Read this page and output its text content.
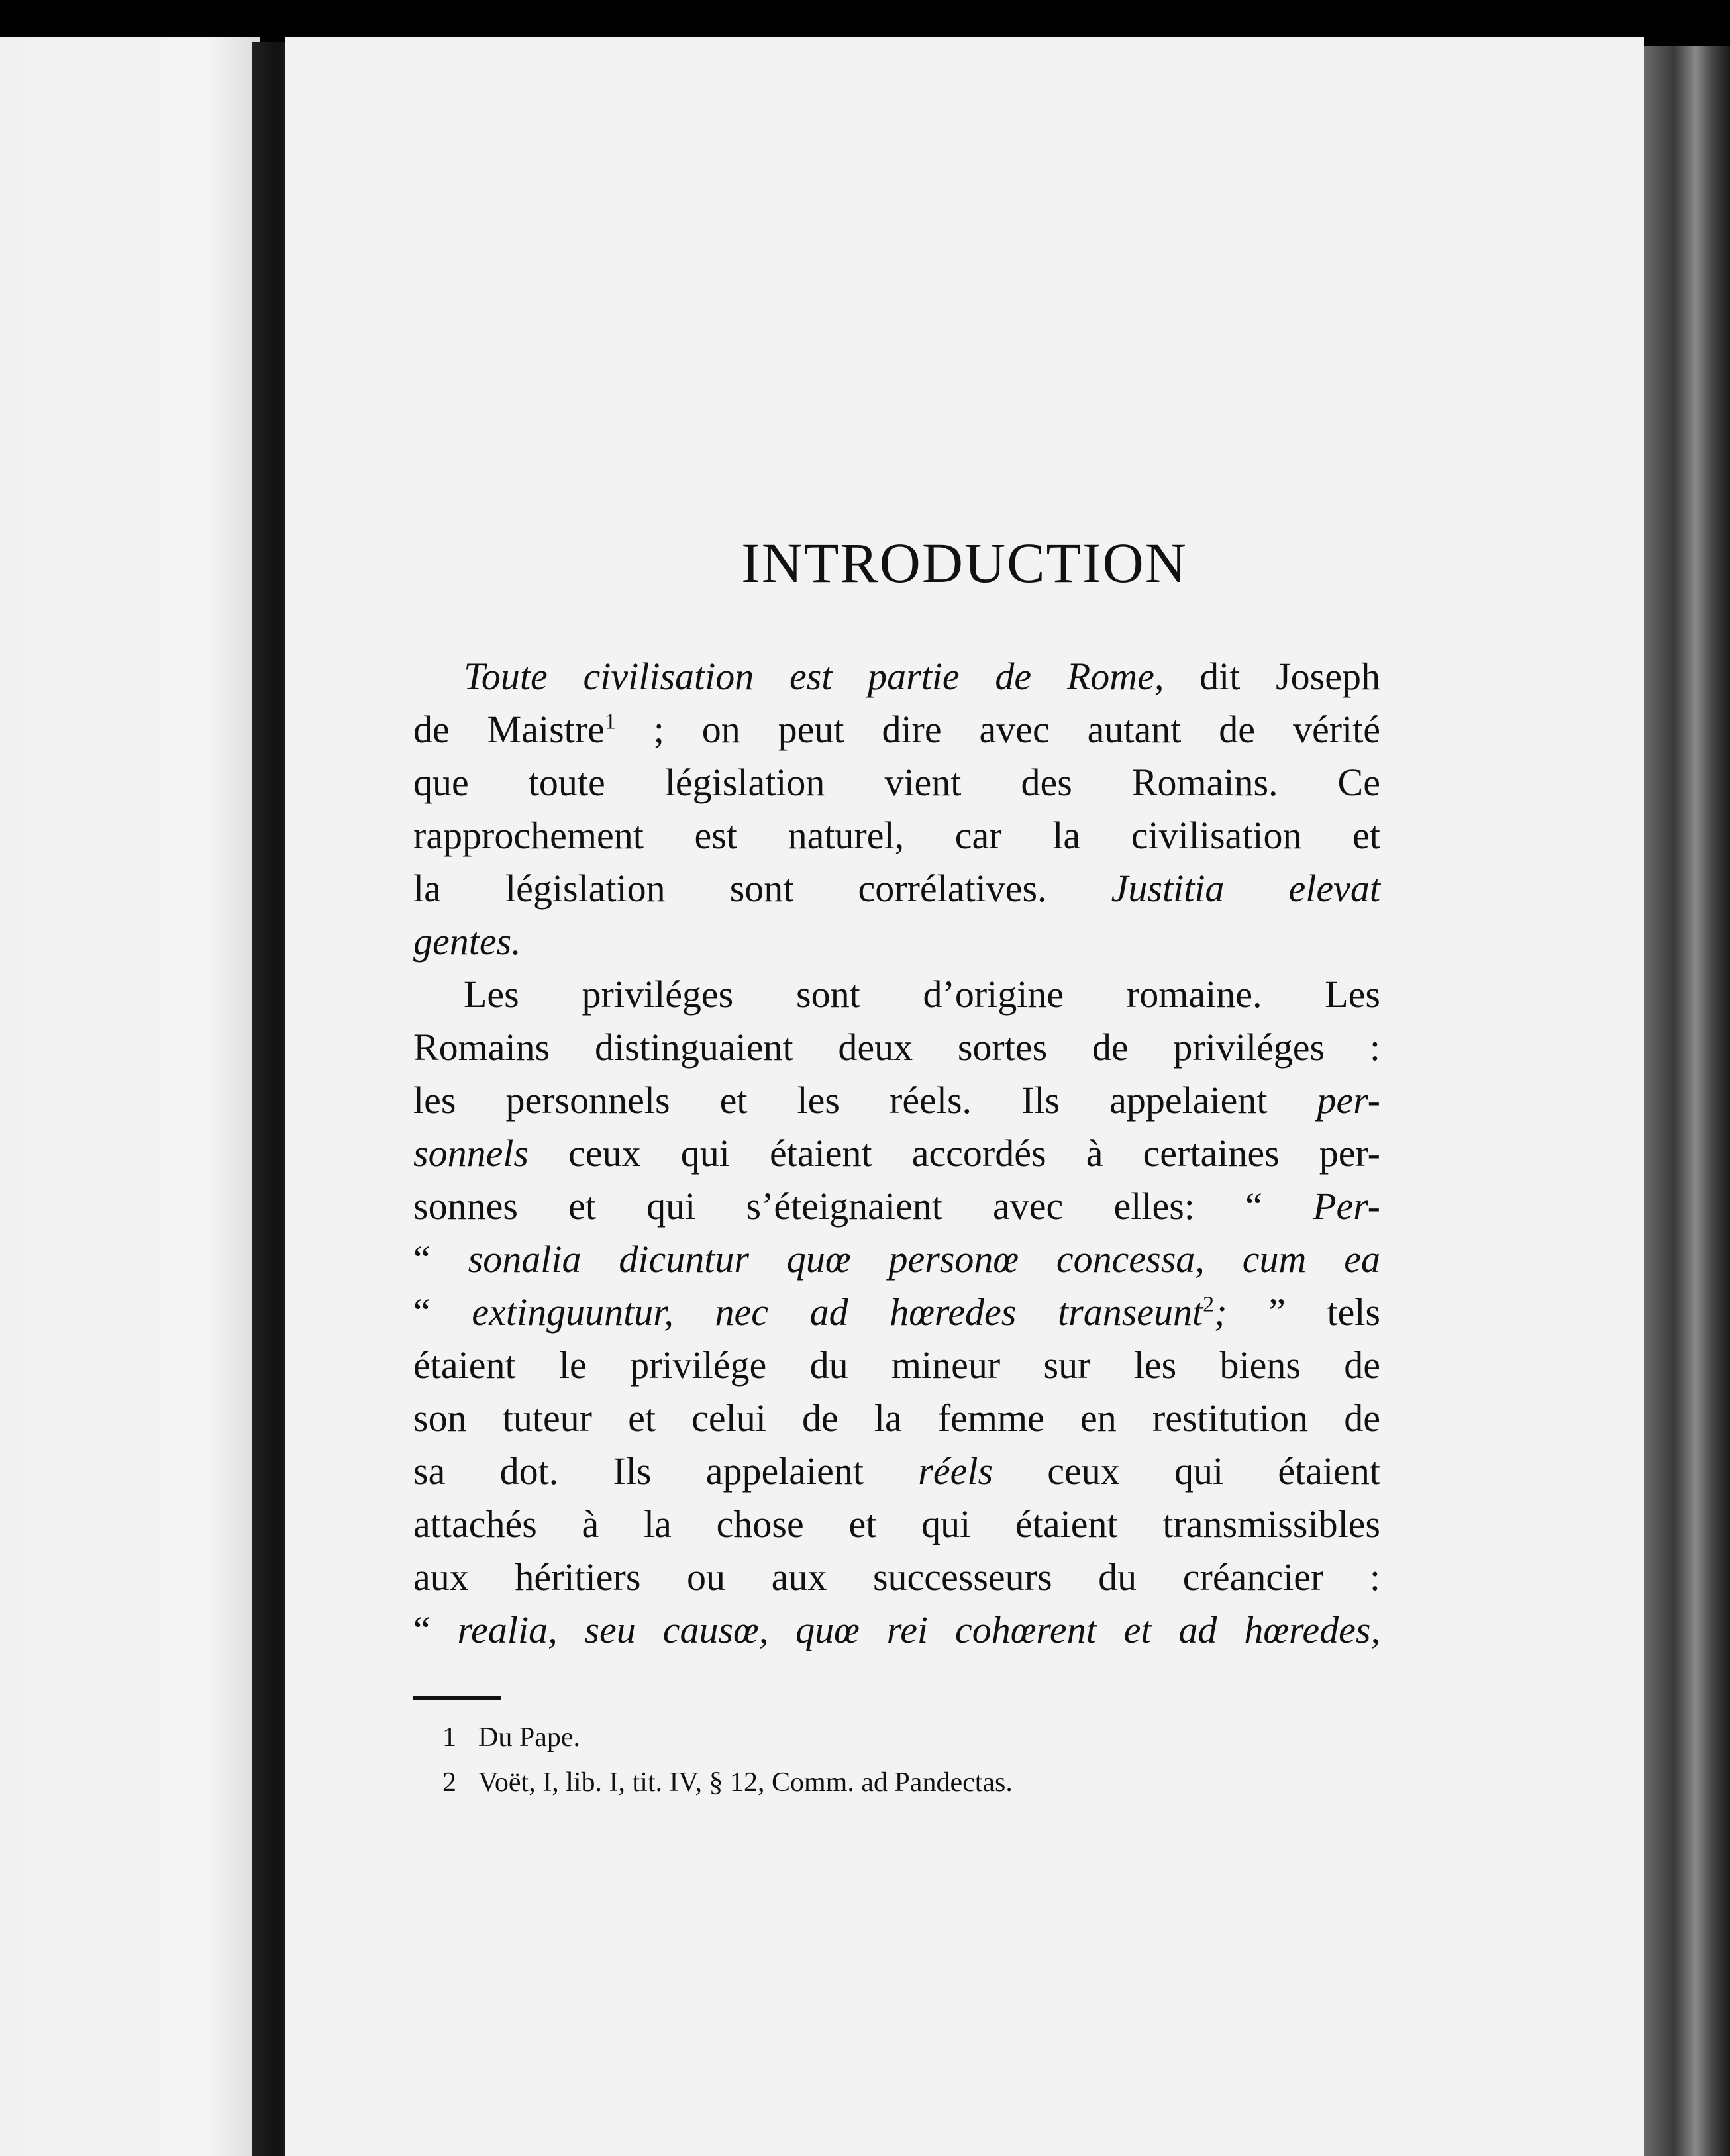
INTRODUCTION
Toute civilisation est partie de Rome, dit Joseph
de Maistre$^1$ ; on peut dire avec autant de vérité
que toute législation vient des Romains. Ce
rapprochement est naturel, car la civilisation et
la législation sont corrélatives. Justitia elevat
gentes.
Les priviléges sont d’origine romaine. Les
Romains distinguaient deux sortes de priviléges :
les personnels et les réels. Ils appelaient per-
sonnels ceux qui étaient accordés à certaines per-
sonnes et qui s’éteignaient avec elles: “ Per-
“ sonalia dicuntur quœ personœ concessa, cum ea
“ extinguuntur, nec ad hœredes transeunt$^2$; ” tels
étaient le privilége du mineur sur les biens de
son tuteur et celui de la femme en restitution de
sa dot. Ils appelaient réels ceux qui étaient
attachés à la chose et qui étaient transmissibles
aux héritiers ou aux successeurs du créancier :
“ realia, seu causœ, quœ rei cohœrent et ad hœredes,
1 Du Pape.
2 Voët, I, lib. I, tit. IV, § 12, Comm. ad Pandectas.
